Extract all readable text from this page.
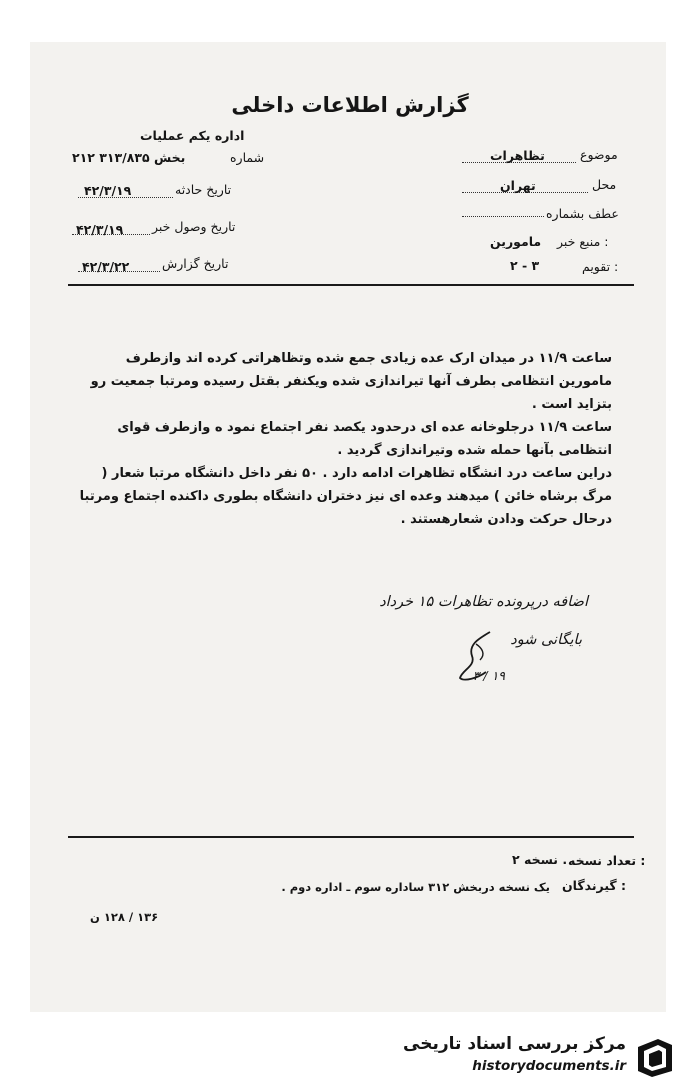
گزارش اطلاعات داخلی
اداره یکم عملیات
شماره
۲۱۲ بخش ۳۱۳/۸۳۵
تاریخ حادثه
۴۲/۳/۱۹
تاریخ وصول خبر
۴۲/۳/۱۹
تاریخ گزارش
۴۲/۳/۲۲
موضوع
تظاهرات
محل
تهران
عطف بشماره
منبع خبر :
مامورین
تقویم :
۲ - ۳

ساعت ۱۱/۹ در میدان ارک عده زیادی جمع شده وتظاهراتی کرده اند وازطرف مامورین انتظامی بطرف آنها تیراندازی شده ویکنفر بقتل رسیده ومرتبا جمعیت رو بتزاید است .

ساعت ۱۱/۹ درجلوخانه عده ای درحدود یکصد نفر اجتماع نمود ه وازطرف قوای انتظامی بآنها حمله شده وتیراندازی گردید .

دراین ساعت درد انشگاه تظاهرات ادامه دارد . ۵۰ نفر داخل دانشگاه مرتبا شعار ( مرگ برشاه خائن ) میدهند وعده ای نیز دختران دانشگاه بطوری داکنده اجتماع ومرتبا درحال حرکت ودادن شعارهستند .

اضافه درپرونده تظاهرات ۱۵ خرداد
بایگانی شود
۱۹ / ۳
تعداد نسخه :
۲ نسخه .
گیرندگان :
یک نسخه دربخش ۳۱۲ ساداره سوم ـ اداره دوم .
۱۳۶ / ۱۲۸ ن
مرکز بررسی اسناد تاریخی
historydocuments.ir
